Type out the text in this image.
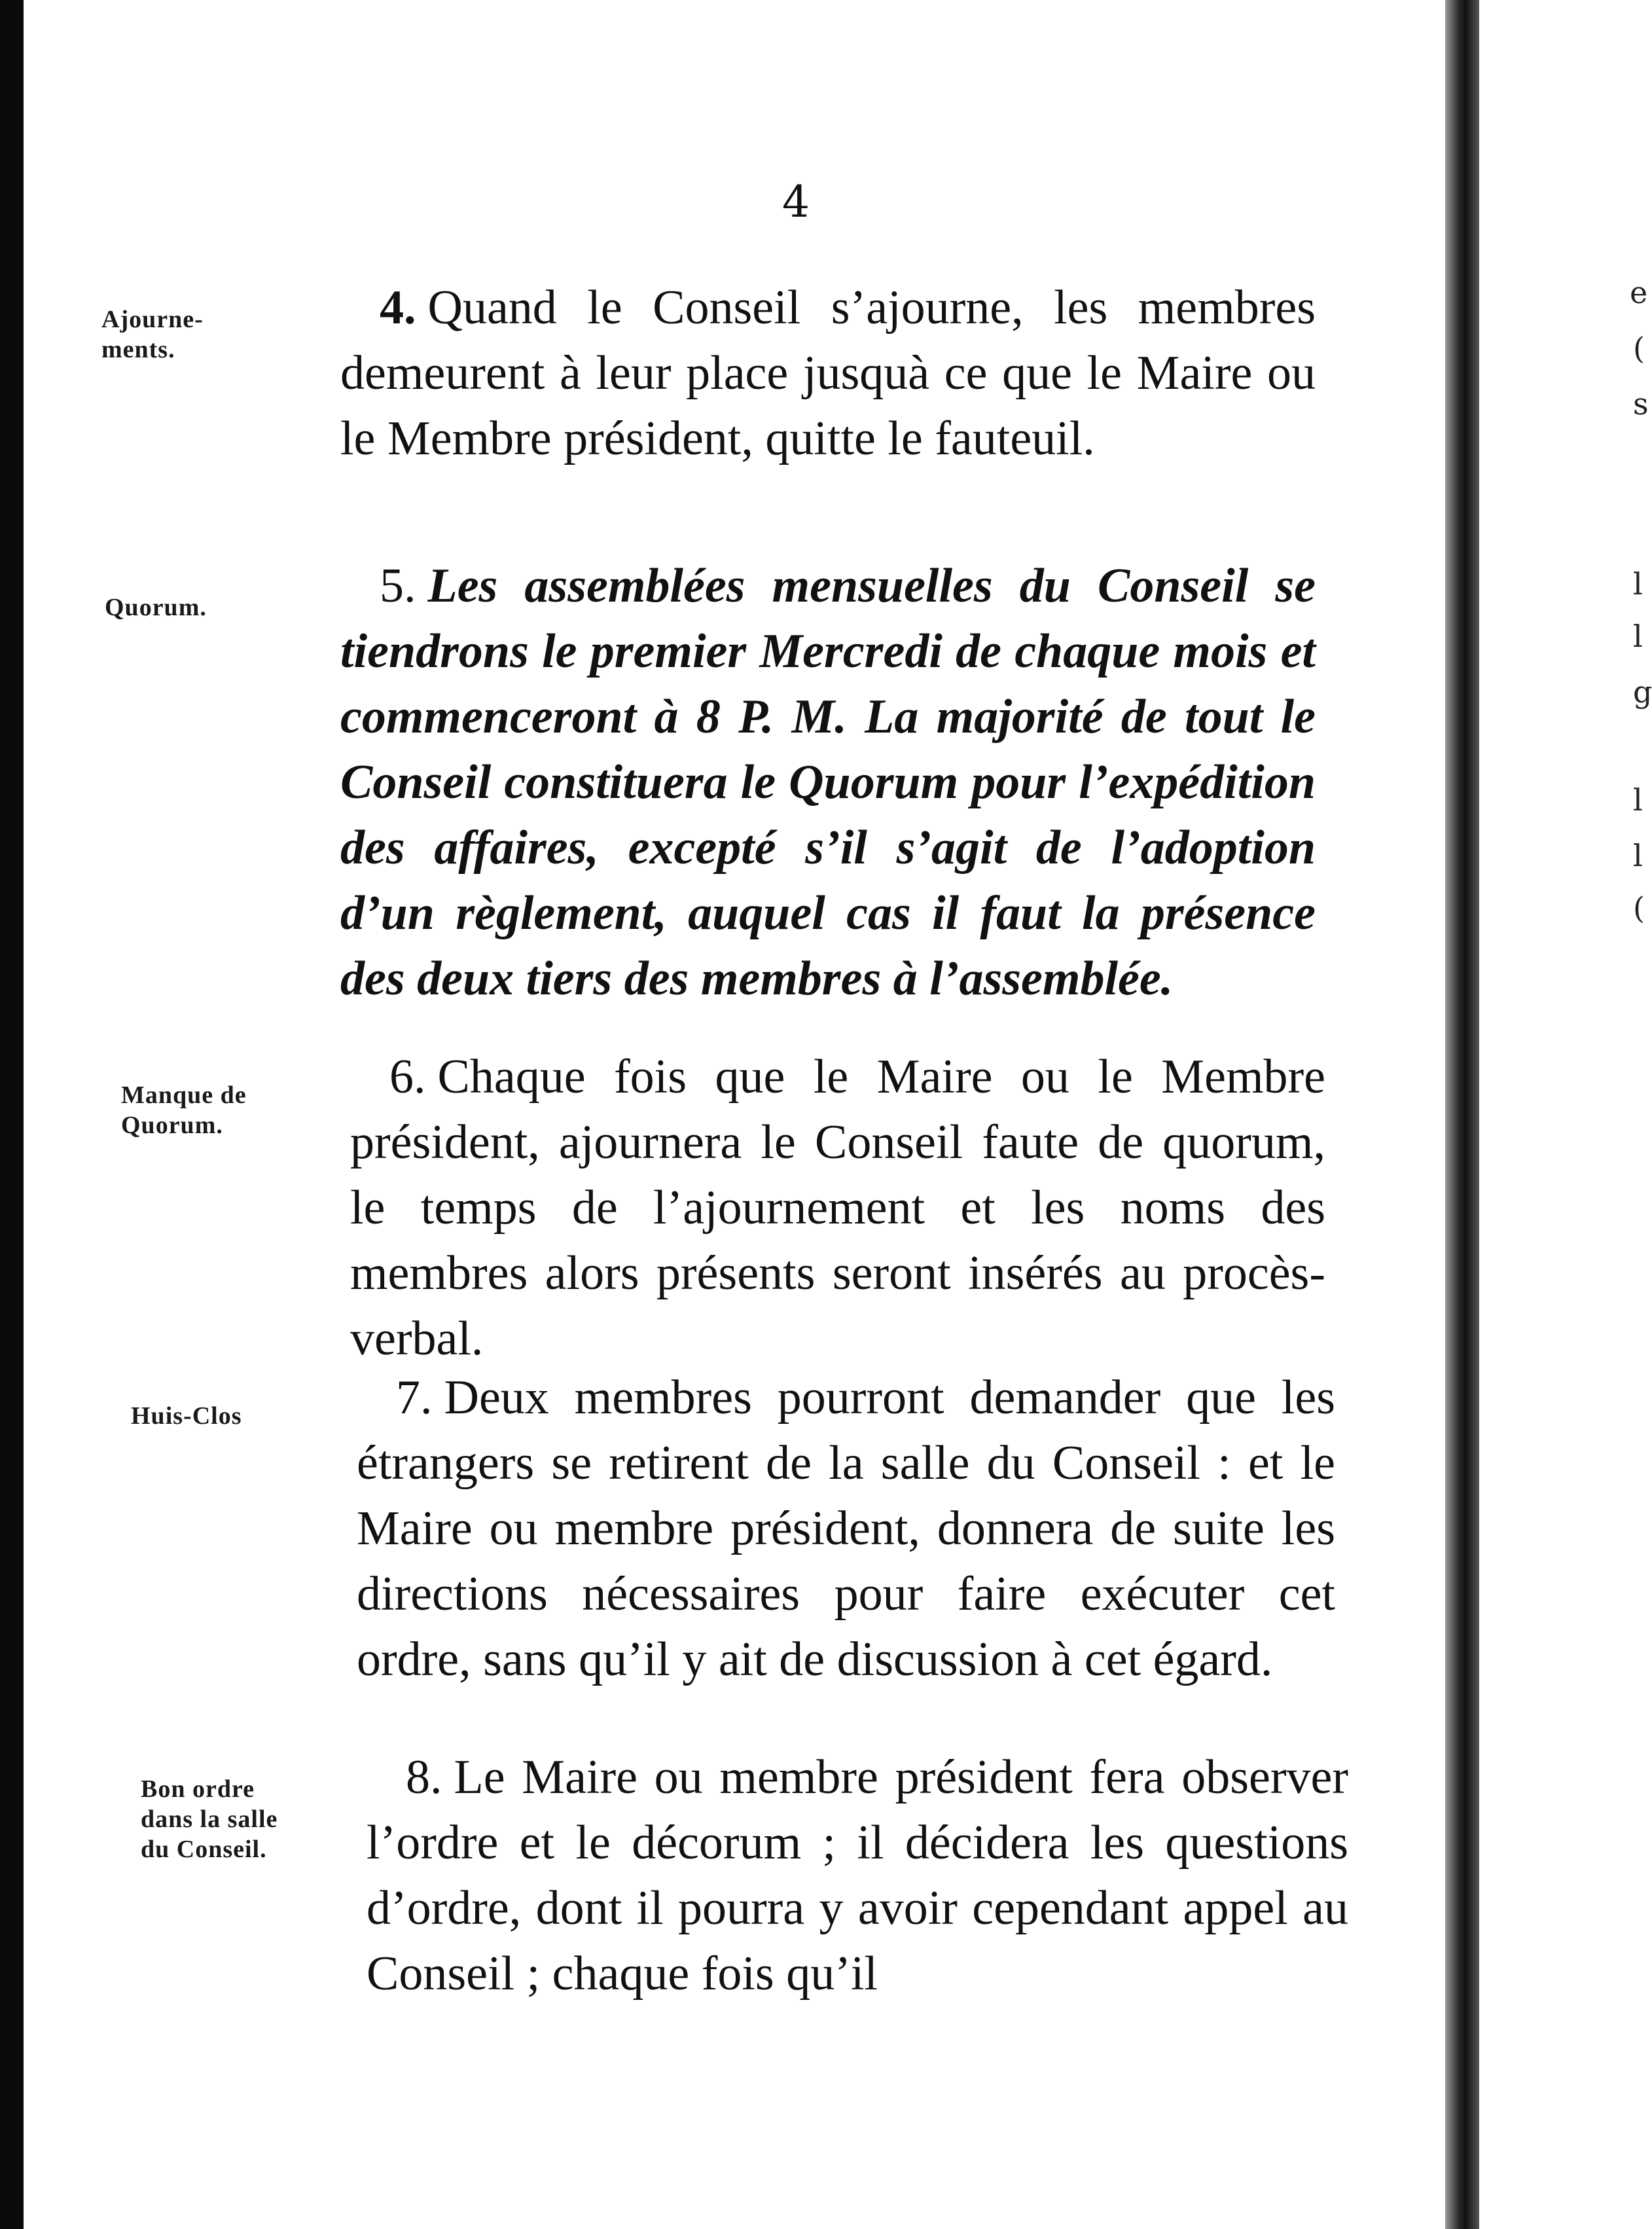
4
Ajourne-
ments.
4. Quand le Conseil s’ajourne, les membres demeurent à leur place jusquà ce que le Maire ou le Membre président, quitte le fauteuil.
Quorum.	5. Les assemblées mensuelles du Conseil se tiendrons le premier Mercredi de chaque mois et commenceront à 8 P. M. La majorité de tout le Conseil constituera le Quorum pour l’expédition des affaires, excepté s’il s’agit de l’adoption d’un règlement, auquel cas il faut la présence des deux tiers des membres à l’assemblée.
Manque de
Quorum.
6. Chaque fois que le Maire ou le Membre président, ajournera le Conseil faute de quorum, le temps de l’ajournement et les noms des membres alors présents seront insérés au procès-verbal.
Huis-Clos	7. Deux membres pourront demander que les étrangers se retirent de la salle du Conseil : et le Maire ou membre président, donnera de suite les directions nécessaires pour faire exécuter cet ordre, sans qu’il y ait de discussion à cet égard.
Bon ordre
dans la salle
du Conseil.
8. Le Maire ou membre président fera observer l’ordre et le décorum ; il décidera les questions d’ordre, dont il pourra y avoir cependant appel au Conseil ; chaque fois qu’il
e
(
s
l
l
g
l
l
(
